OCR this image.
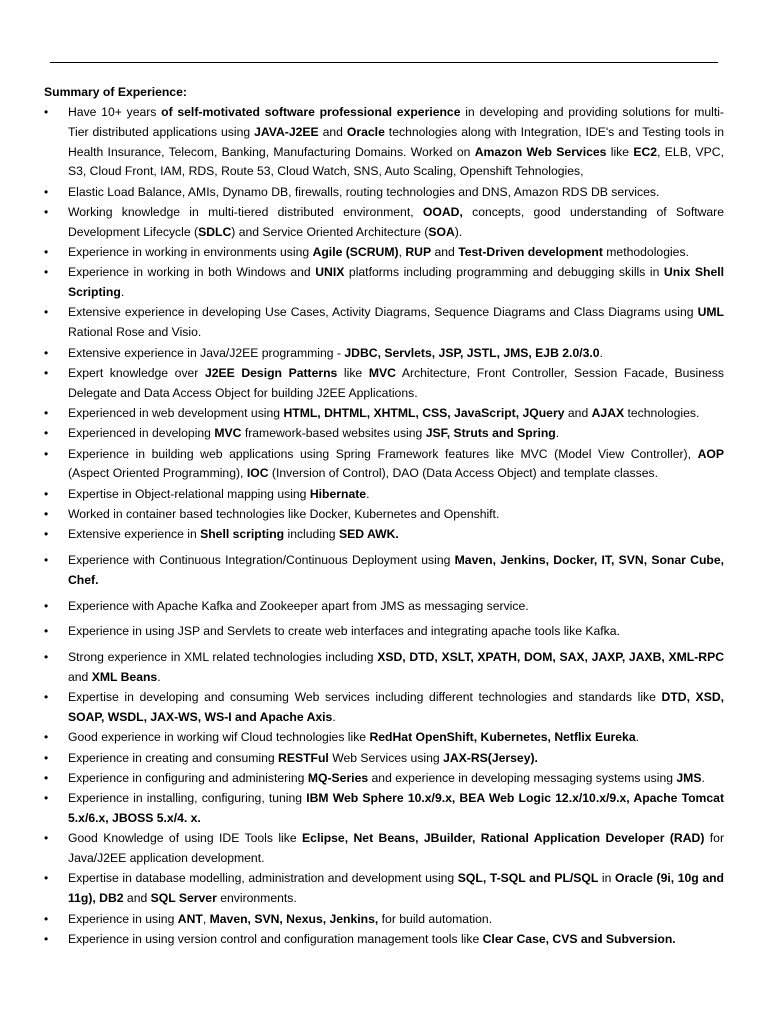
Summary of Experience:
• Have 10+ years of self-motivated software professional experience in developing and providing solutions for multi-Tier distributed applications using JAVA-J2EE and Oracle technologies along with Integration, IDE's and Testing tools in Health Insurance, Telecom, Banking, Manufacturing Domains. Worked on Amazon Web Services like EC2, ELB, VPC, S3, Cloud Front, IAM, RDS, Route 53, Cloud Watch, SNS, Auto Scaling, Openshift Tehnologies,
• Elastic Load Balance, AMIs, Dynamo DB, firewalls, routing technologies and DNS, Amazon RDS DB services.
• Working knowledge in multi-tiered distributed environment, OOAD, concepts, good understanding of Software Development Lifecycle (SDLC) and Service Oriented Architecture (SOA).
• Experience in working in environments using Agile (SCRUM), RUP and Test-Driven development methodologies.
• Experience in working in both Windows and UNIX platforms including programming and debugging skills in Unix Shell Scripting.
• Extensive experience in developing Use Cases, Activity Diagrams, Sequence Diagrams and Class Diagrams using UML Rational Rose and Visio.
• Extensive experience in Java/J2EE programming - JDBC, Servlets, JSP, JSTL, JMS, EJB 2.0/3.0.
• Expert knowledge over J2EE Design Patterns like MVC Architecture, Front Controller, Session Facade, Business Delegate and Data Access Object for building J2EE Applications.
• Experienced in web development using HTML, DHTML, XHTML, CSS, JavaScript, JQuery and AJAX technologies.
• Experienced in developing MVC framework-based websites using JSF, Struts and Spring.
• Experience in building web applications using Spring Framework features like MVC (Model View Controller), AOP (Aspect Oriented Programming), IOC (Inversion of Control), DAO (Data Access Object) and template classes.
• Expertise in Object-relational mapping using Hibernate.
• Worked in container based technologies like Docker, Kubernetes and Openshift.
• Extensive experience in Shell scripting including SED AWK.
• Experience with Continuous Integration/Continuous Deployment using Maven, Jenkins, Docker, IT, SVN, Sonar Cube, Chef.
• Experience with Apache Kafka and Zookeeper apart from JMS as messaging service.
• Experience in using JSP and Servlets to create web interfaces and integrating apache tools like Kafka.
• Strong experience in XML related technologies including XSD, DTD, XSLT, XPATH, DOM, SAX, JAXP, JAXB, XML-RPC and XML Beans.
• Expertise in developing and consuming Web services including different technologies and standards like DTD, XSD, SOAP, WSDL, JAX-WS, WS-I and Apache Axis.
• Good experience in working wif Cloud technologies like RedHat OpenShift, Kubernetes, Netflix Eureka.
• Experience in creating and consuming RESTFul Web Services using JAX-RS(Jersey).
• Experience in configuring and administering MQ-Series and experience in developing messaging systems using JMS.
• Experience in installing, configuring, tuning IBM Web Sphere 10.x/9.x, BEA Web Logic 12.x/10.x/9.x, Apache Tomcat 5.x/6.x, JBOSS 5.x/4. x.
• Good Knowledge of using IDE Tools like Eclipse, Net Beans, JBuilder, Rational Application Developer (RAD) for Java/J2EE application development.
• Expertise in database modelling, administration and development using SQL, T-SQL and PL/SQL in Oracle (9i, 10g and 11g), DB2 and SQL Server environments.
• Experience in using ANT, Maven, SVN, Nexus, Jenkins, for build automation.
• Experience in using version control and configuration management tools like Clear Case, CVS and Subversion.
